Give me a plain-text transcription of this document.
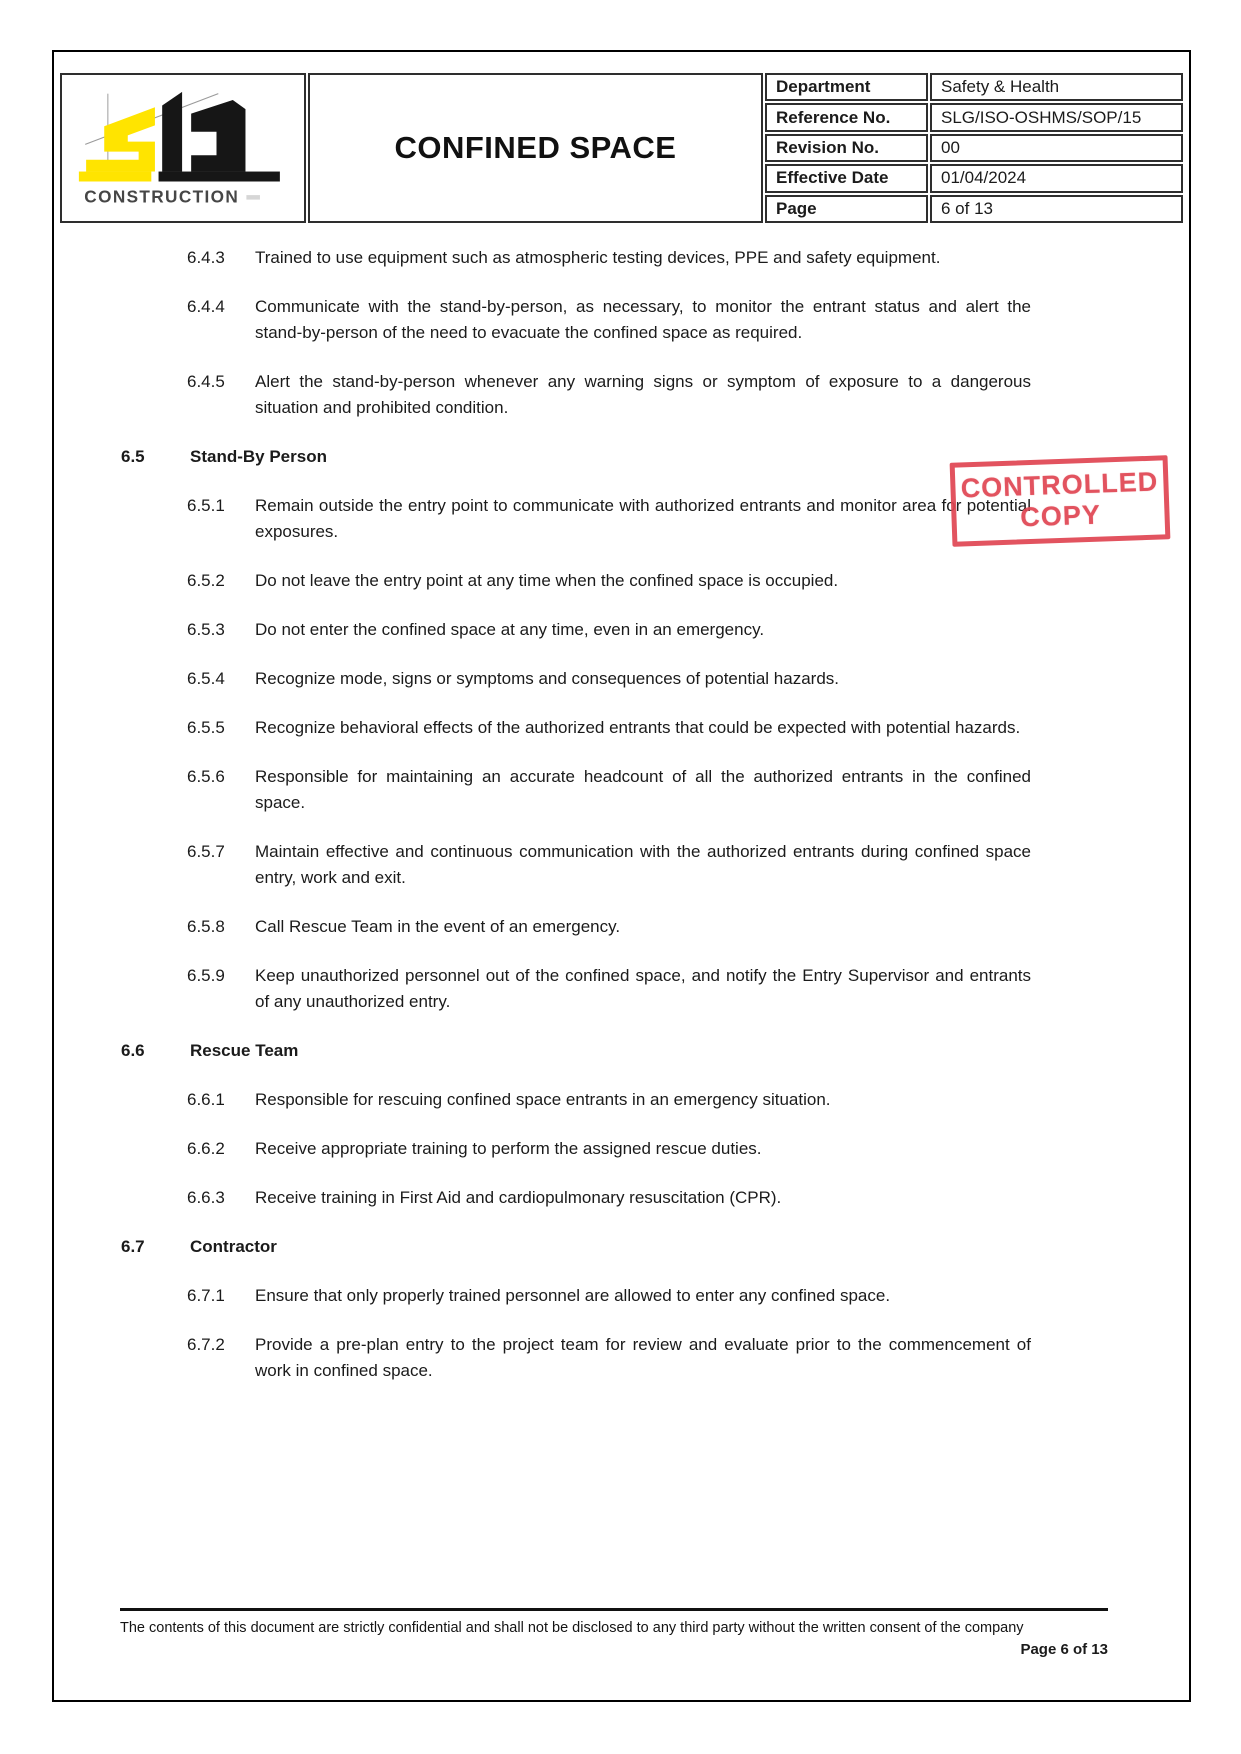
CONSTRUCTION
CONFINED SPACE
Department	Safety & Health
Reference No.	SLG/ISO-OSHMS/SOP/15
Revision No.	00
Effective Date	01/04/2024
Page	6 of 13
6.4.3	Trained to use equipment such as atmospheric testing devices, PPE and safety equipment.
6.4.4	Communicate with the stand-by-person, as necessary, to monitor the entrant status and alert the stand-by-person of the need to evacuate the confined space as required.
6.4.5	Alert the stand-by-person whenever any warning signs or symptom of exposure to a dangerous situation and prohibited condition.
6.5	Stand-By Person
6.5.1	Remain outside the entry point to communicate with authorized entrants and monitor area for potential exposures.
6.5.2	Do not leave the entry point at any time when the confined space is occupied.
6.5.3	Do not enter the confined space at any time, even in an emergency.
6.5.4	Recognize mode, signs or symptoms and consequences of potential hazards.
6.5.5	Recognize behavioral effects of the authorized entrants that could be expected with potential hazards.
6.5.6	Responsible for maintaining an accurate headcount of all the authorized entrants in the confined space.
6.5.7	Maintain effective and continuous communication with the authorized entrants during confined space entry, work and exit.
6.5.8	Call Rescue Team in the event of an emergency.
6.5.9	Keep unauthorized personnel out of the confined space, and notify the Entry Supervisor and entrants of any unauthorized entry.
6.6	Rescue Team
6.6.1	Responsible for rescuing confined space entrants in an emergency situation.
6.6.2	Receive appropriate training to perform the assigned rescue duties.
6.6.3	Receive training in First Aid and cardiopulmonary resuscitation (CPR).
6.7	Contractor
6.7.1	Ensure that only properly trained personnel are allowed to enter any confined space.
6.7.2	Provide a pre-plan entry to the project team for review and evaluate prior to the commencement of work in confined space.
CONTROLLED
COPY

The contents of this document are strictly confidential and shall not be disclosed to any third party without the written consent of the company

Page 6 of 13
